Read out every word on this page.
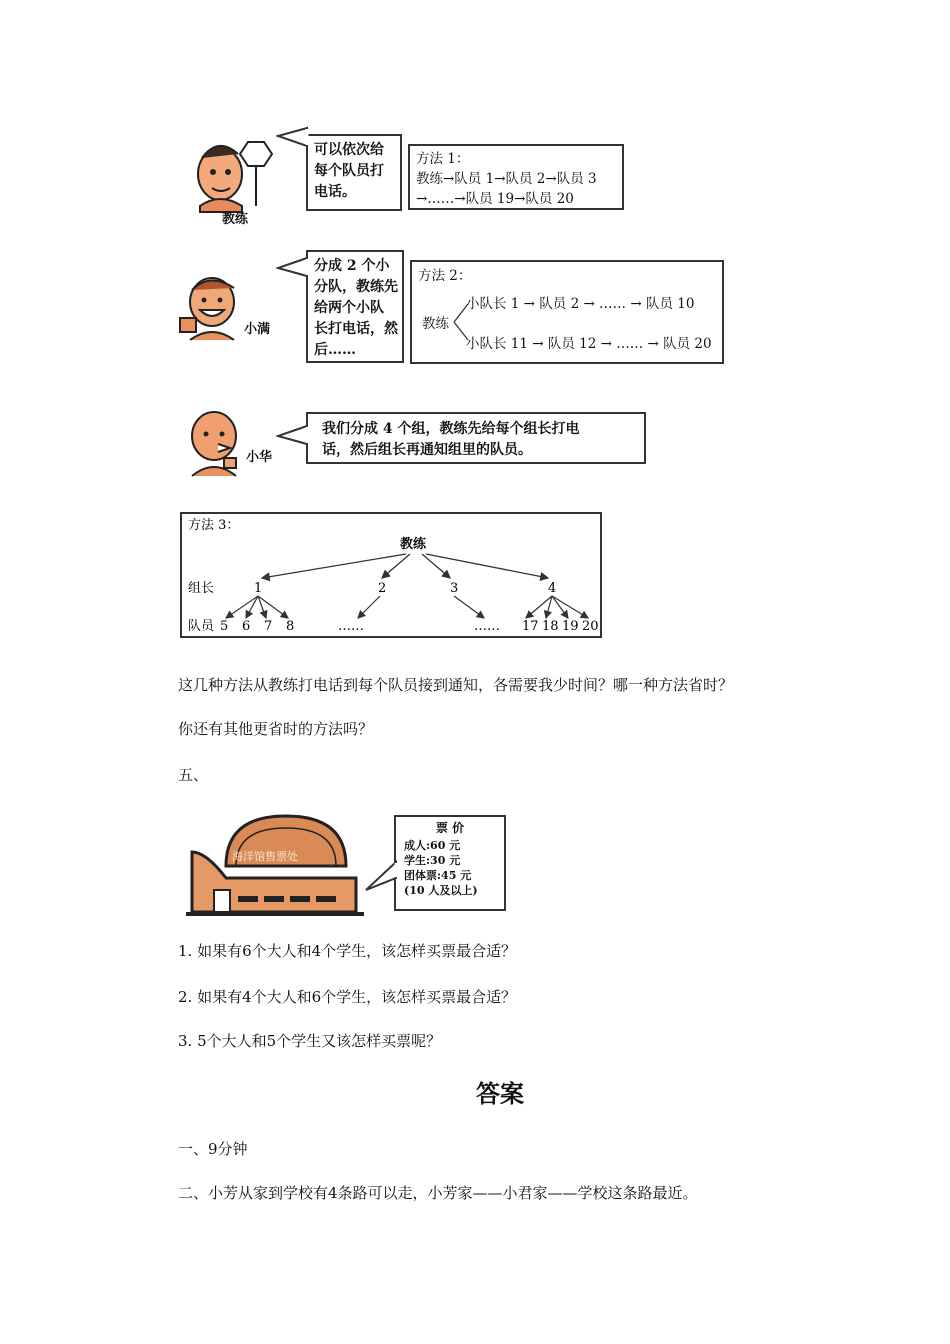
教练
可以依次给
每个队员打
电话。
方法 1：
教练→队员 1→队员 2→队员 3
→……→队员 19→队员 20
小满
分成 2 个小
分队，教练先
给两个小队
长打电话，然
后……
方法 2：
教练
小队长 1 → 队员 2 → …… → 队员 10
小队长 11 → 队员 12 → …… → 队员 20
小华
我们分成 4 个组，教练先给每个组长打电
话，然后组长再通知组里的队员。
方法 3：
教练
组长
队员
1	2	3	4
5 6 7 8	……	…… 17 18 19 20
这几种方法从教练打电话到每个队员接到通知，各需要我少时间？哪一种方法省时？
你还有其他更省时的方法吗？
五、
海洋馆售票处
票 价
成人:60 元
学生:30 元
团体票:45 元
(10 人及以上)
1. 如果有6个大人和4个学生，该怎样买票最合适？
2. 如果有4个大人和6个学生，该怎样买票最合适？
3. 5个大人和5个学生又该怎样买票呢？
答案
一、9分钟
二、小芳从家到学校有4条路可以走，小芳家——小君家——学校这条路最近。
